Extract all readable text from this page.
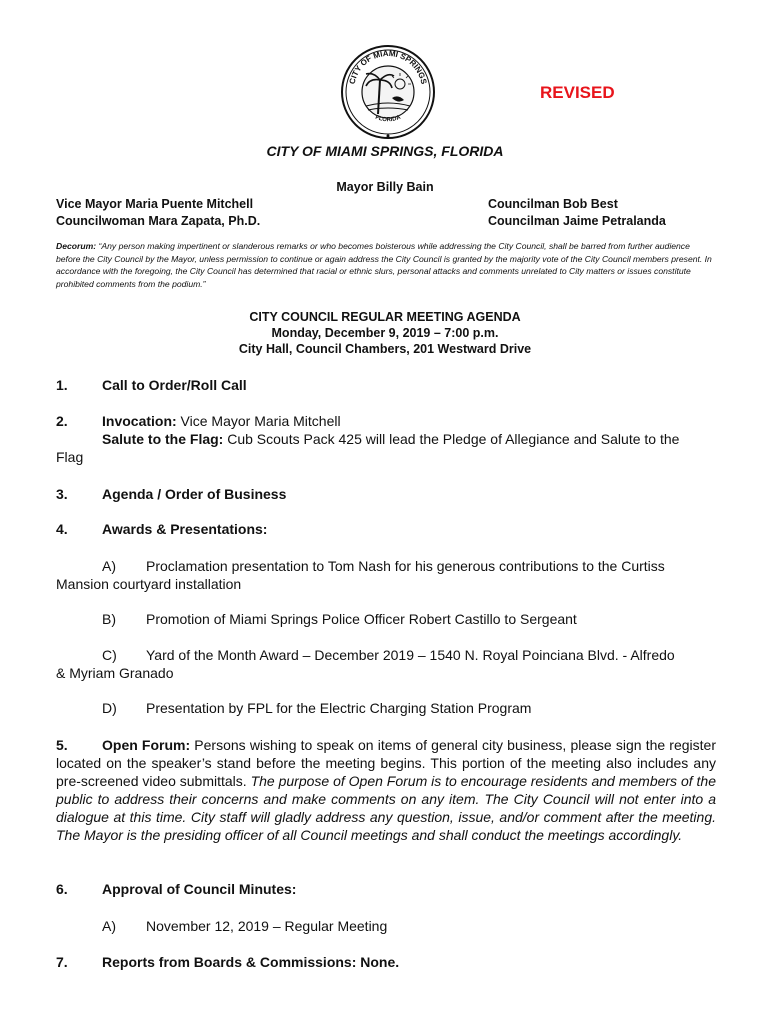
CITY OF MIAMI SPRINGS
FLORIDA
REVISED
CITY OF MIAMI SPRINGS, FLORIDA
Mayor Billy Bain
Vice Mayor Maria Puente Mitchell
Councilwoman Mara Zapata, Ph.D.
Councilman Bob Best
Councilman Jaime Petralanda
Decorum: “Any person making impertinent or slanderous remarks or who becomes boisterous while addressing the City Council, shall be barred from further audience before the City Council by the Mayor, unless permission to continue or again address the City Council is granted by the majority vote of the City Council members present. In accordance with the foregoing, the City Council has determined that racial or ethnic slurs, personal attacks and comments unrelated to City matters or issues constitute prohibited comments from the podium.”
CITY COUNCIL REGULAR MEETING AGENDA
Monday, December 9, 2019 – 7:00 p.m.
City Hall, Council Chambers, 201 Westward Drive
1. Call to Order/Roll Call
2. Invocation: Vice Mayor Maria Mitchell
Salute to the Flag: Cub Scouts Pack 425 will lead the Pledge of Allegiance and Salute to the
Flag
3. Agenda / Order of Business
4. Awards & Presentations:
A) Proclamation presentation to Tom Nash for his generous contributions to the Curtiss
Mansion courtyard installation
B) Promotion of Miami Springs Police Officer Robert Castillo to Sergeant
C) Yard of the Month Award – December 2019 – 1540 N. Royal Poinciana Blvd. - Alfredo
& Myriam Granado
D) Presentation by FPL for the Electric Charging Station Program
5. Open Forum: Persons wishing to speak on items of general city business, please sign the register located on the speaker’s stand before the meeting begins. This portion of the meeting also includes any pre-screened video submittals. The purpose of Open Forum is to encourage residents and members of the public to address their concerns and make comments on any item. The City Council will not enter into a dialogue at this time. City staff will gladly address any question, issue, and/or comment after the meeting. The Mayor is the presiding officer of all Council meetings and shall conduct the meetings accordingly.
6. Approval of Council Minutes:
A) November 12, 2019 – Regular Meeting
7. Reports from Boards & Commissions: None.
